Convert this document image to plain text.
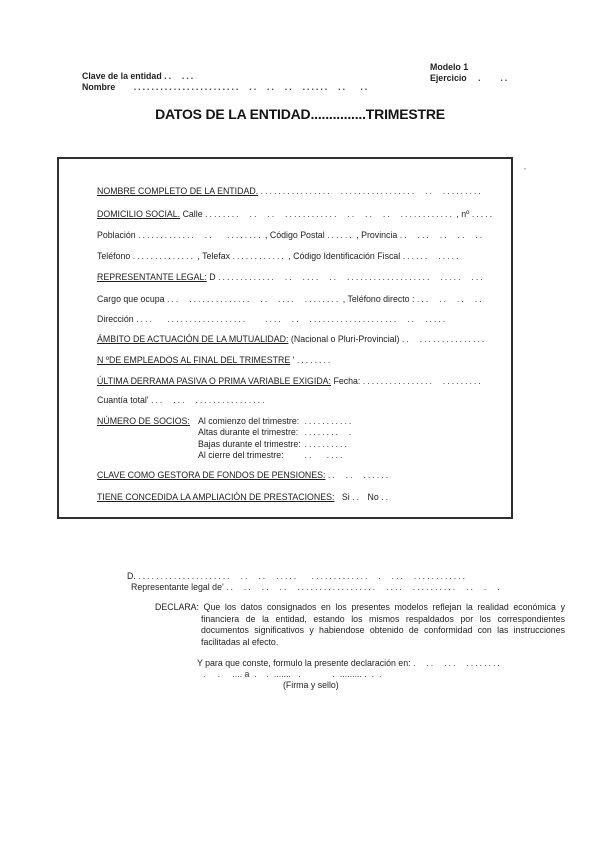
Clave de la entidad ..  ...
Nombre ........................  ..  ..  ..  ......  ..   ..
Modelo 1
Ejercicio .    ..
DATOS DE LA ENTIDAD...............TRIMESTRE
”
NOMBRE COMPLETO DE LA ENTIDAD. ................  .................  ..  .........
DOMICILIO SOCIAL. Calle ........  ..  ..  ............  ..  ..  ..  ............ , nº .....
Población .............  ..   ........ , Código Postal ...... , Provincia ..  ...  ..  ..  ..
Teléfono .............. , Telefax ............ , Código Identificación Fiscal ......  .....
REPRESENTANTE LEGAL: D .............  ..  ....  ..  ...................  .....  ...
Cargo que ocupa ...  ..............  ..  ....  ........ , Teléfono directo : ...  ..  ..  ..
Dirección ....   ..................    ....  ..  ....................  ..  .....
ÁMBITO DE ACTUACIÓN DE LA MUTUALIDAD: (Nacional o Pluri-Provincial) ..  ...............
N ºDE EMPLEADOS AL FINAL DEL TRIMESTRE ' ........
ÚLTIMA DERRAMA PASIVA O PRIMA VARIABLE EXIGIDA: Fecha: ................  .........
Cuantía total' ...  ...  ................
NÚMERO DE SOCIOS: Al comienzo del trimestre: ...........
Altas durante el trimestre: ........  .
Bajas durante el trimestre: ..........
Al cierre del trimestre: ..   ....
CLAVE COMO GESTORA DE FONDOS DE PENSIONES: ..  ..  ......
TIENE CONCEDIDA LA AMPLIACIÓN DE PRESTACIONES: Si .. No ..
D. .....................  ..  ..  .....   .............  .  ...  ............
Representante legal de' ..  ..  ..  ..  ..................  ....  ..........  ..  .  .

DECLARA: Que los datos consignados en los presentes modelos reflejan la realidad económica y financiera de la entidad, estando los mismos respaldados por los correspondientes documentos significativos y habiendose obtenido de conformidad con las instrucciones facilitadas al efecto.

Y para que conste, formulo la presente declaración en: .  ..  ...  ........
.     .     .... a  .    .  .......   .             .  ......... .  .  .
(Firma y sello)
